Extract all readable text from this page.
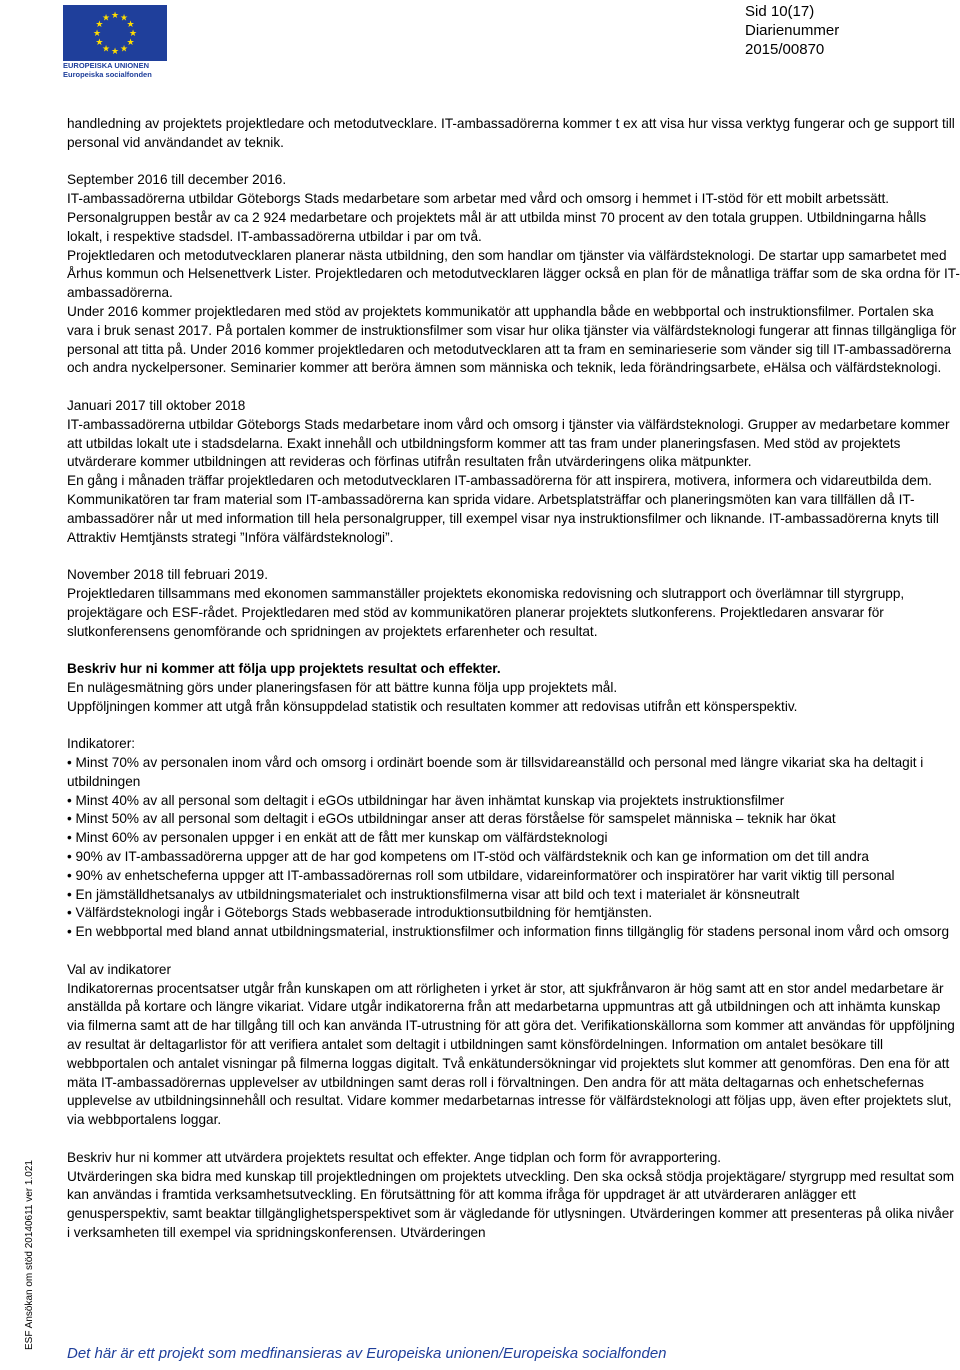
★ ★
★
★
★
★
★
★
★
★
★
★
EUROPEISKA UNIONEN
Europeiska socialfonden
Sid 10(17)
Diarienummer
2015/00870
ESF Ansökan om stöd 20140611 ver 1.021

handledning av projektets projektledare och metodutvecklare. IT-ambassadörerna kommer t ex att visa hur vissa verktyg fungerar och ge support till personal vid användandet av teknik.

September 2016 till december 2016.

IT-ambassadörerna utbildar Göteborgs Stads medarbetare som arbetar med vård och omsorg i hemmet i IT-stöd för ett mobilt arbetssätt. Personalgruppen består av ca 2 924 medarbetare och projektets mål är att utbilda minst 70 procent av den totala gruppen. Utbildningarna hålls lokalt, i respektive stadsdel. IT-ambassadörerna utbildar i par om två.

Projektledaren och metodutvecklaren planerar nästa utbildning, den som handlar om tjänster via välfärdsteknologi. De startar upp samarbetet med Århus kommun och Helsenettverk Lister. Projektledaren och metodutvecklaren lägger också en plan för de månatliga träffar som de ska ordna för IT-ambassadörerna.

Under 2016 kommer projektledaren med stöd av projektets kommunikatör att upphandla både en webbportal och instruktionsfilmer. Portalen ska vara i bruk senast 2017. På portalen kommer de instruktionsfilmer som visar hur olika tjänster via välfärdsteknologi fungerar att finnas tillgängliga för personal att titta på. Under 2016 kommer projektledaren och metodutvecklaren att ta fram en seminarieserie som vänder sig till IT-ambassadörerna och andra nyckelpersoner. Seminarier kommer att beröra ämnen som människa och teknik, leda förändringsarbete, eHälsa och välfärdsteknologi.

Januari 2017 till oktober 2018

IT-ambassadörerna utbildar Göteborgs Stads medarbetare inom vård och omsorg i tjänster via välfärdsteknologi. Grupper av medarbetare kommer att utbildas lokalt ute i stadsdelarna. Exakt innehåll och utbildningsform kommer att tas fram under planeringsfasen. Med stöd av projektets utvärderare kommer utbildningen att revideras och förfinas utifrån resultaten från utvärderingens olika mätpunkter.

En gång i månaden träffar projektledaren och metodutvecklaren IT-ambassadörerna för att inspirera, motivera, informera och vidareutbilda dem. Kommunikatören tar fram material som IT-ambassadörerna kan sprida vidare. Arbetsplatsträffar och planeringsmöten kan vara tillfällen då IT-ambassadörer når ut med information till hela personalgrupper, till exempel visar nya instruktionsfilmer och liknande. IT-ambassadörerna knyts till Attraktiv Hemtjänsts strategi ”Införa välfärdsteknologi”.

November 2018 till februari 2019.

Projektledaren tillsammans med ekonomen sammanställer projektets ekonomiska redovisning och slutrapport och överlämnar till styrgrupp, projektägare och ESF-rådet. Projektledaren med stöd av kommunikatören planerar projektets slutkonferens. Projektledaren ansvarar för slutkonferensens genomförande och spridningen av projektets erfarenheter och resultat.

Beskriv hur ni kommer att följa upp projektets resultat och effekter.

En nulägesmätning görs under planeringsfasen för att bättre kunna följa upp projektets mål.

Uppföljningen kommer att utgå från könsuppdelad statistik och resultaten kommer att redovisas utifrån ett könsperspektiv.

Indikatorer:

• Minst 70% av personalen inom vård och omsorg i ordinärt boende som är tillsvidareanställd och personal med längre vikariat ska ha deltagit i utbildningen

• Minst 40% av all personal som deltagit i eGOs utbildningar har även inhämtat kunskap via projektets instruktionsfilmer

• Minst 50% av all personal som deltagit i eGOs utbildningar anser att deras förståelse för samspelet människa – teknik har ökat

• Minst 60% av personalen uppger i en enkät att de fått mer kunskap om välfärdsteknologi

• 90% av IT-ambassadörerna uppger att de har god kompetens om IT-stöd och välfärdsteknik och kan ge information om det till andra

• 90% av enhetscheferna uppger att IT-ambassadörernas roll som utbildare, vidareinformatörer och inspiratörer har varit viktig till personal

• En jämställdhetsanalys av utbildningsmaterialet och instruktionsfilmerna visar att bild och text i materialet är könsneutralt

• Välfärdsteknologi ingår i Göteborgs Stads webbaserade introduktionsutbildning för hemtjänsten.

• En webbportal med bland annat utbildningsmaterial, instruktionsfilmer och information finns tillgänglig för stadens personal inom vård och omsorg

Val av indikatorer

Indikatorernas procentsatser utgår från kunskapen om att rörligheten i yrket är stor, att sjukfrånvaron är hög samt att en stor andel medarbetare är anställda på kortare och längre vikariat. Vidare utgår indikatorerna från att medarbetarna uppmuntras att gå utbildningen och att inhämta kunskap via filmerna samt att de har tillgång till och kan använda IT-utrustning för att göra det. Verifikationskällorna som kommer att användas för uppföljning av resultat är deltagarlistor för att verifiera antalet som deltagit i utbildningen samt könsfördelningen. Information om antalet besökare till webbportalen och antalet visningar på filmerna loggas digitalt. Två enkätundersökningar vid projektets slut kommer att genomföras. Den ena för att mäta IT-ambassadörernas upplevelser av utbildningen samt deras roll i förvaltningen. Den andra för att mäta deltagarnas och enhetschefernas upplevelse av utbildningsinnehåll och resultat. Vidare kommer medarbetarnas intresse för välfärdsteknologi att följas upp, även efter projektets slut, via webbportalens loggar.

Beskriv hur ni kommer att utvärdera projektets resultat och effekter. Ange tidplan och form för avrapportering.

Utvärderingen ska bidra med kunskap till projektledningen om projektets utveckling. Den ska också stödja projektägare/ styrgrupp med resultat som kan användas i framtida verksamhetsutveckling. En förutsättning för att komma ifråga för uppdraget är att utvärderaren anlägger ett genusperspektiv, samt beaktar tillgänglighetsperspektivet som är vägledande för utlysningen. Utvärderingen kommer att presenteras på olika nivåer i verksamheten till exempel via spridningskonferensen. Utvärderingen

Det här är ett projekt som medfinansieras av Europeiska unionen/Europeiska socialfonden
